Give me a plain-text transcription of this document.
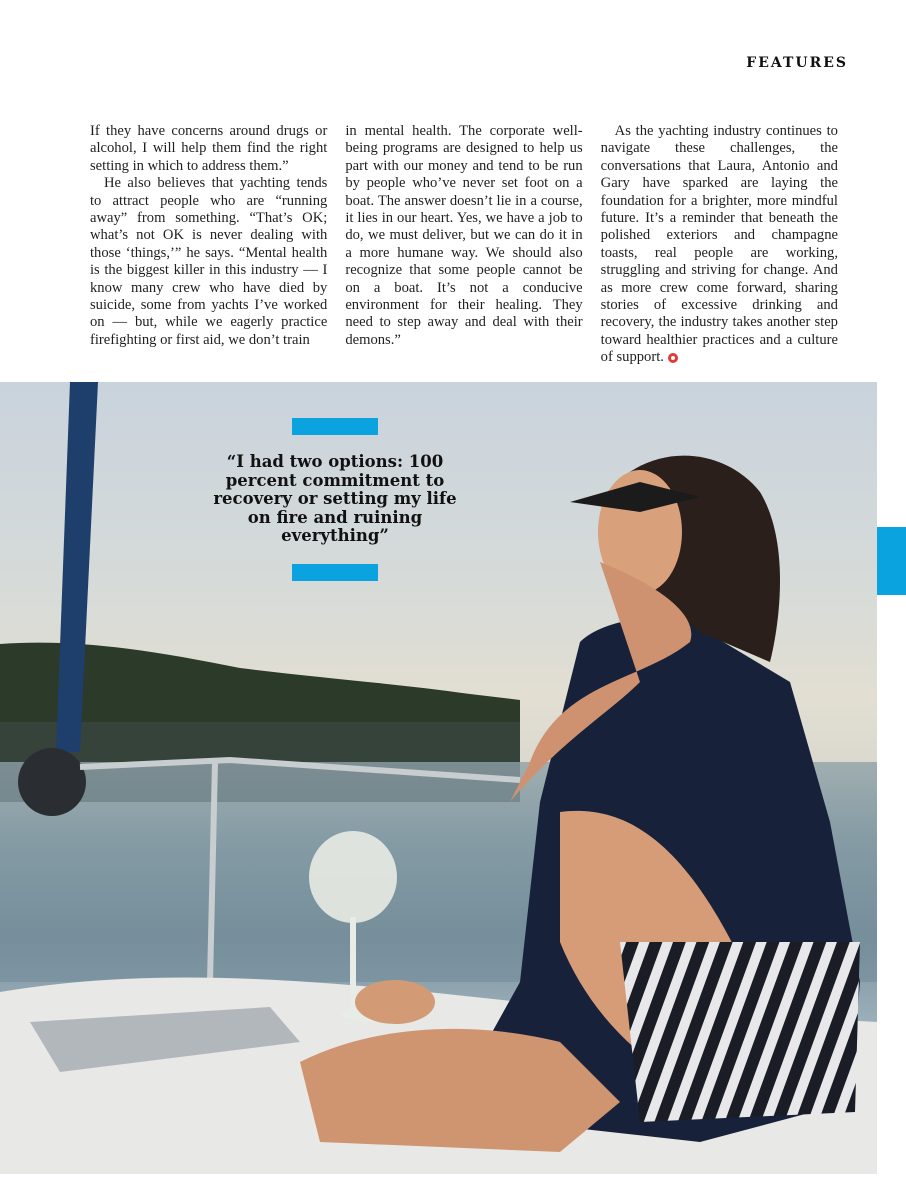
FEATURES

If they have concerns around drugs or alcohol, I will help them find the right setting in which to address them.”

He also believes that yachting tends to attract people who are “running away” from something. “That’s OK; what’s not OK is never dealing with those ‘things,’” he says. “Mental health is the biggest killer in this industry — I know many crew who have died by suicide, some from yachts I’ve worked on — but, while we eagerly practice firefighting or first aid, we don’t train

in mental health. The corporate well-being programs are designed to help us part with our money and tend to be run by people who’ve never set foot on a boat. The answer doesn’t lie in a course, it lies in our heart. Yes, we have a job to do, we must deliver, but we can do it in a more humane way. We should also recognize that some people cannot be on a boat. It’s not a conducive environment for their healing. They need to step away and deal with their demons.”

As the yachting industry continues to navigate these challenges, the conversations that Laura, Antonio and Gary have sparked are laying the foundation for a brighter, more mindful future. It’s a reminder that beneath the polished exteriors and champagne toasts, real people are working, struggling and striving for change. And as more crew come forward, sharing stories of excessive drinking and recovery, the industry takes another step toward healthier practices and a culture of support.

“I had two options: 100 percent commitment to recovery or setting my life on fire and ruining everything”
